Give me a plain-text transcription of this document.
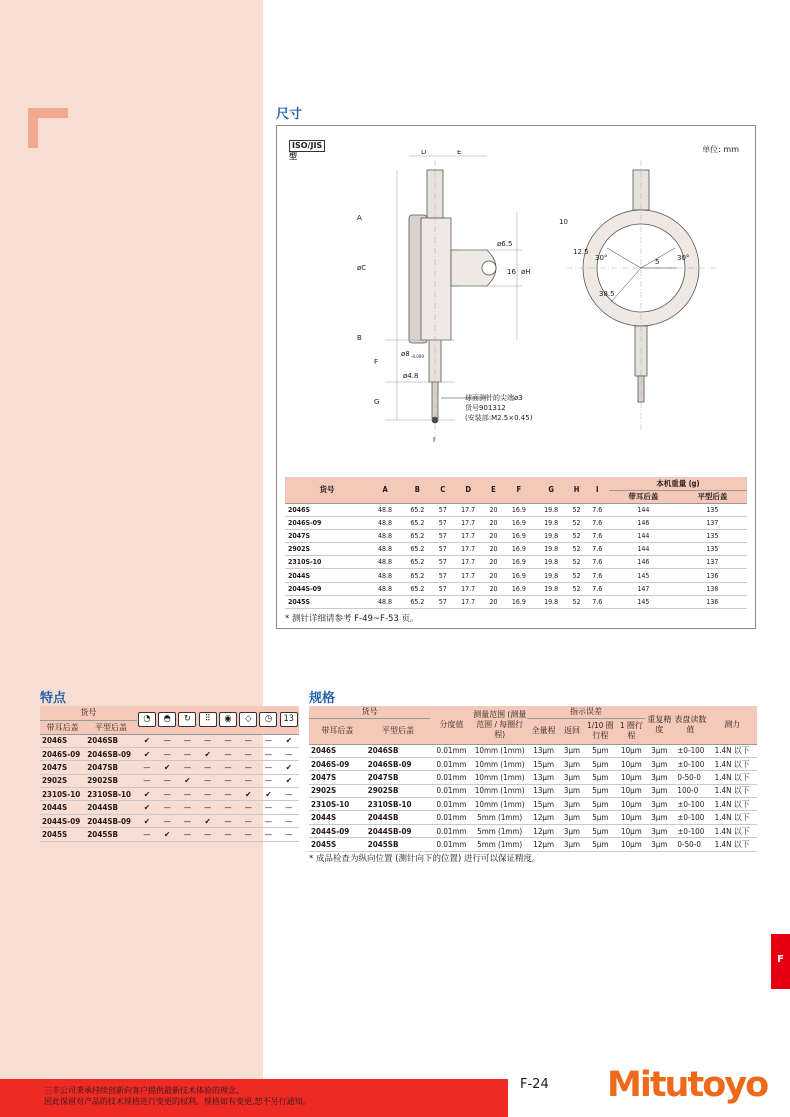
尺寸
ISO/JIS
型
单位: mm
D	E
A
øC
B
F
G
I
ø6.5
16 øH
ø8 -0.009
ø4.8
球面测针的尖端ø3
货号901312
(安装部:M2.5×0.45)
10
5
30°	30°
12.5
38.5
货号	A	B	C	D	E	F	G	H	I	本机重量 (g)	
										带耳后盖	平型后盖
2046S	48.8	65.2	57	17.7	20	16.9	19.8	52	7.6	144	135
2046S-09	48.8	65.2	57	17.7	20	16.9	19.8	52	7.6	146	137
2047S	48.8	65.2	57	17.7	20	16.9	19.8	52	7.6	144	135
2902S	48.8	65.2	57	17.7	20	16.9	19.8	52	7.6	144	135
2310S-10	48.8	65.2	57	17.7	20	16.9	19.8	52	7.6	146	137
2044S	48.8	65.2	57	17.7	20	16.9	19.8	52	7.6	145	136
2044S-09	48.8	65.2	57	17.7	20	16.9	19.8	52	7.6	147	138
2045S	48.8	65.2	57	17.7	20	16.9	19.8	52	7.6	145	136
* 测针详细请参考 F-49~F-53 页。
特点
货号		◔	◓	↻	⠿	◉	◇	◷	13
带耳后盖	平型后盖								
2046S	2046SB	✔	—	—	—	—	—	—	✔
2046S-09	2046SB-09	✔	—	—	✔	—	—	—	—
2047S	2047SB	—	✔	—	—	—	—	—	✔
2902S	2902SB	—	—	✔	—	—	—	—	✔
2310S-10	2310SB-10	✔	—	—	—	—	✔	✔	—
2044S	2044SB	✔	—	—	—	—	—	—	—
2044S-09	2044SB-09	✔	—	—	✔	—	—	—	—
2045S	2045SB	—	✔	—	—	—	—	—	—
规格
货号		分度值	测量范围 (测量范围 / 每圈行程)	指示误差				重复精度	表盘读数值	测力
带耳后盖	平型后盖			全量程	返回	1/10 圈行程	1 圈行程			
2046S	2046SB	0.01mm	10mm (1mm)	13µm	3µm	5µm	10µm	3µm	±0-100	1.4N 以下
2046S-09	2046SB-09	0.01mm	10mm (1mm)	15µm	3µm	5µm	10µm	3µm	±0-100	1.4N 以下
2047S	2047SB	0.01mm	10mm (1mm)	13µm	3µm	5µm	10µm	3µm	0-50-0	1.4N 以下
2902S	2902SB	0.01mm	10mm (1mm)	13µm	3µm	5µm	10µm	3µm	100-0	1.4N 以下
2310S-10	2310SB-10	0.01mm	10mm (1mm)	15µm	3µm	5µm	10µm	3µm	±0-100	1.4N 以下
2044S	2044SB	0.01mm	5mm (1mm)	12µm	3µm	5µm	10µm	3µm	±0-100	1.4N 以下
2044S-09	2044SB-09	0.01mm	5mm (1mm)	12µm	3µm	5µm	10µm	3µm	±0-100	1.4N 以下
2045S	2045SB	0.01mm	5mm (1mm)	12µm	3µm	5µm	10µm	3µm	0-50-0	1.4N 以下
* 成品检查为纵向位置 (测针向下的位置) 进行可以保证精度。
F
三丰公司秉承持续创新向客户提供最新技术体验的理念,
因此保留对产品的技术规格进行变更的权利。规格如有变更,恕不另行通知。
F-24 Mitutoyo
